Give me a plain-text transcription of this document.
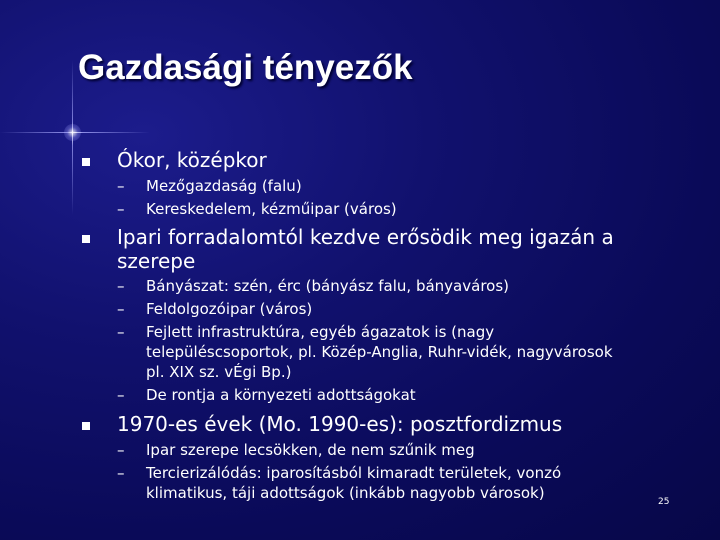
Gazdasági tényezők
Ókor, középkor
– Mezőgazdaság (falu)
– Kereskedelem, kézműipar (város)
Ipari forradalomtól kezdve erősödik meg igazán a
szerepe
– Bányászat: szén, érc (bányász falu, bányaváros)
– Feldolgozóipar (város)
– Fejlett infrastruktúra, egyéb ágazatok is (nagy
településcsoportok, pl. Közép-Anglia, Ruhr-vidék, nagyvárosok
pl. XIX sz. vÉgi Bp.)
– De rontja a környezeti adottságokat
1970-es évek (Mo. 1990-es): posztfordizmus
– Ipar szerepe lecsökken, de nem szűnik meg
– Tercierizálódás: iparosításból kimaradt területek, vonzó
klimatikus, táji adottságok (inkább nagyobb városok)	25
